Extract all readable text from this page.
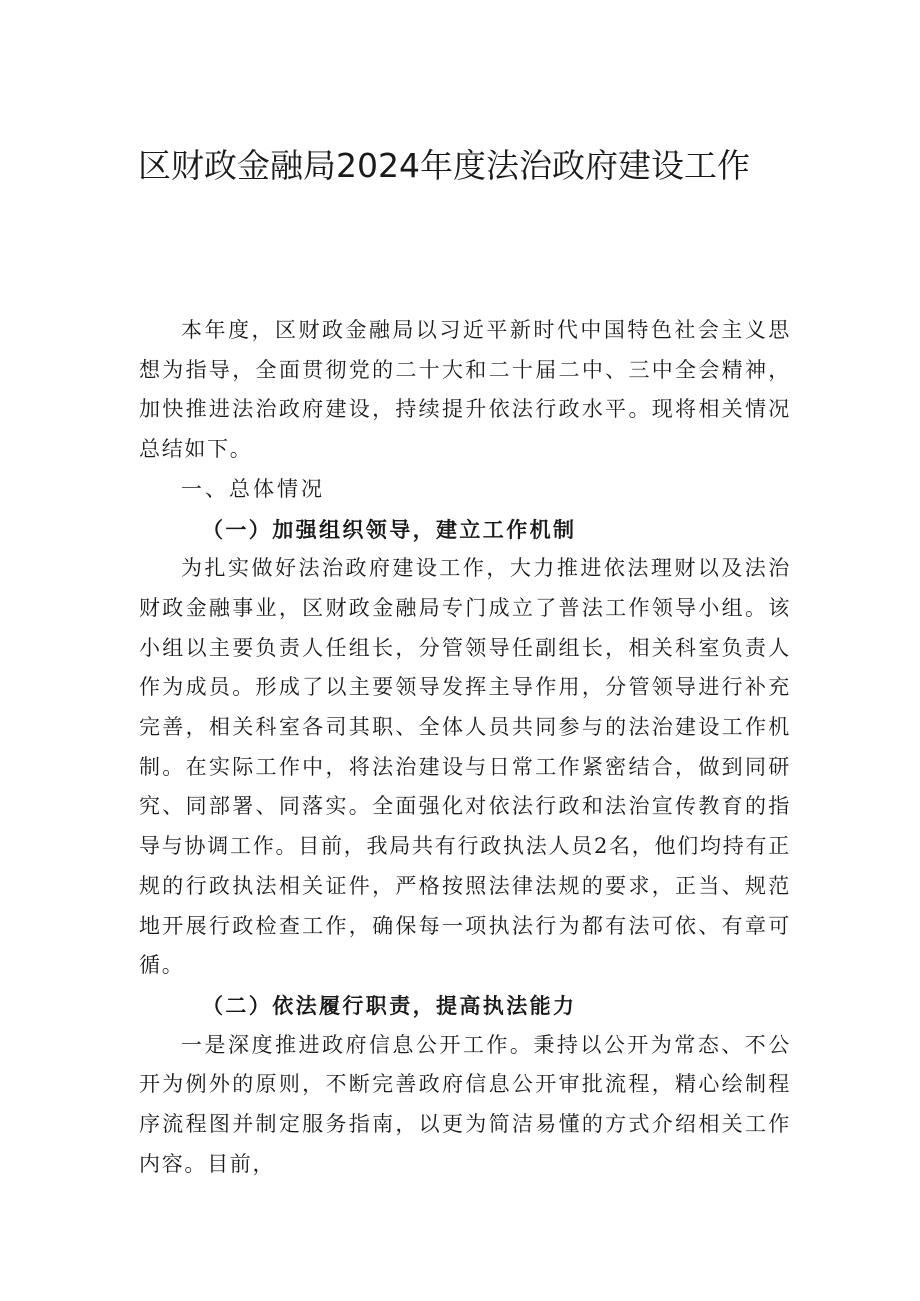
区财政金融局2024年度法治政府建设工作

本年度，区财政金融局以习近平新时代中国特色社会主义思想为指导，全面贯彻党的二十大和二十届二中、三中全会精神，加快推进法治政府建设，持续提升依法行政水平。现将相关情况总结如下。

一、总体情况

（一）加强组织领导，建立工作机制

为扎实做好法治政府建设工作，大力推进依法理财以及法治财政金融事业，区财政金融局专门成立了普法工作领导小组。该小组以主要负责人任组长，分管领导任副组长，相关科室负责人作为成员。形成了以主要领导发挥主导作用，分管领导进行补充完善，相关科室各司其职、全体人员共同参与的法治建设工作机制。在实际工作中，将法治建设与日常工作紧密结合，做到同研究、同部署、同落实。全面强化对依法行政和法治宣传教育的指导与协调工作。目前，我局共有行政执法人员2名，他们均持有正规的行政执法相关证件，严格按照法律法规的要求，正当、规范地开展行政检查工作，确保每一项执法行为都有法可依、有章可循。

（二）依法履行职责，提高执法能力

一是深度推进政府信息公开工作。秉持以公开为常态、不公开为例外的原则，不断完善政府信息公开审批流程，精心绘制程序流程图并制定服务指南，以更为简洁易懂的方式介绍相关工作内容。目前，
